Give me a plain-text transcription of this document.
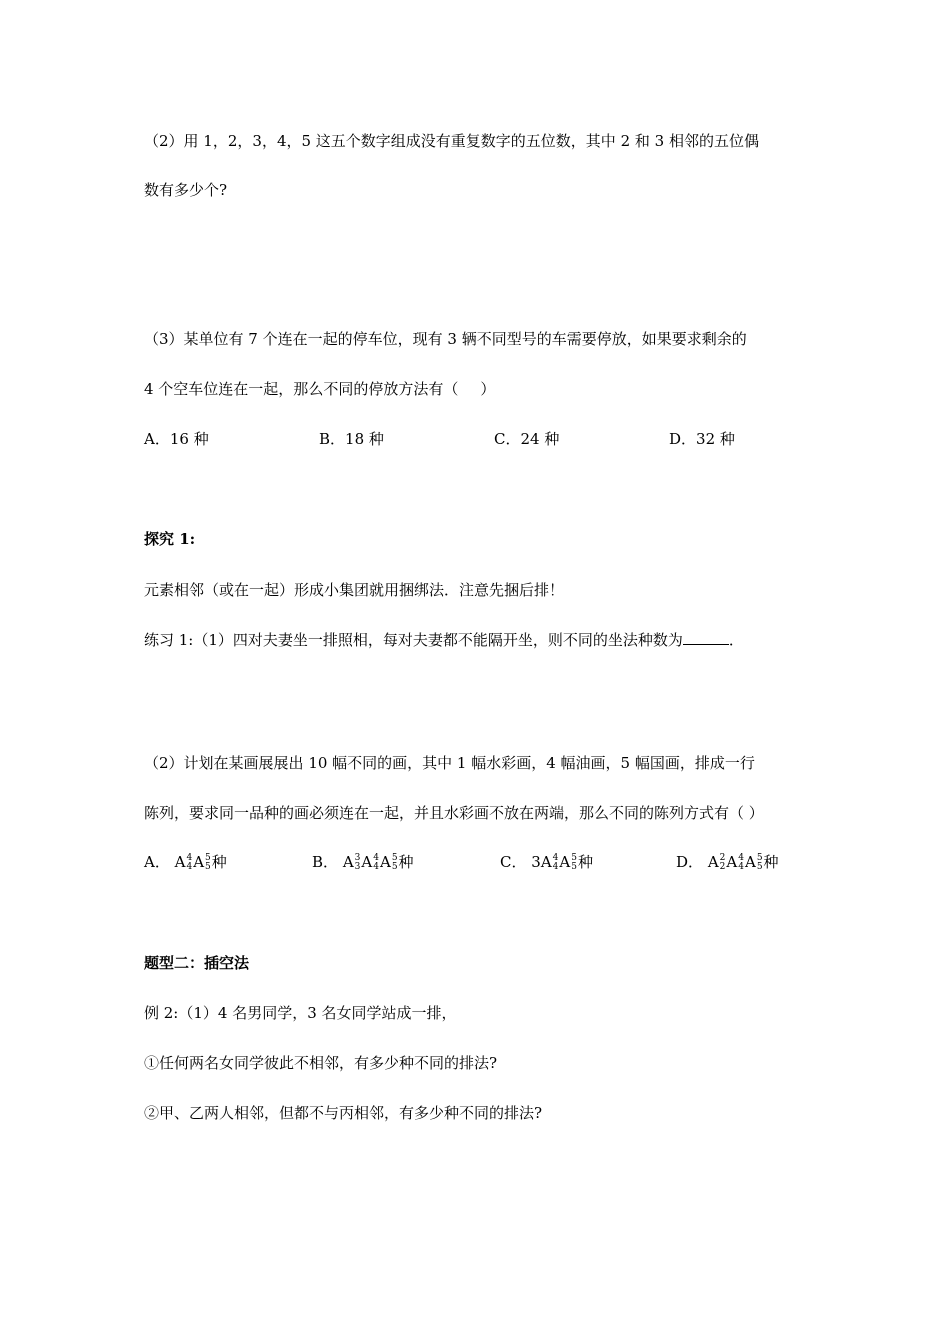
（2）用 1，2，3，4，5 这五个数字组成没有重复数字的五位数，其中 2 和 3 相邻的五位偶
数有多少个?
（3）某单位有 7 个连在一起的停车位，现有 3 辆不同型号的车需要停放，如果要求剩余的
4 个空车位连在一起，那么不同的停放方法有（ ）
A．16 种	B．18 种	C．24 种	D．32 种
探究 1:
元素相邻（或在一起）形成小集团就用捆绑法．注意先捆后排！
练习 1:（1）四对夫妻坐一排照相，每对夫妻都不能隔开坐，则不同的坐法种数为	．
（2）计划在某画展展出 10 幅不同的画，其中 1 幅水彩画，4 幅油画，5 幅国画，排成一行
陈列，要求同一品种的画必须连在一起，并且水彩画不放在两端，那么不同的陈列方式有（ ）
A． A 4
4 A 5
5 种	B． A 3
3 A 4
4 A 5
5 种	C． 3A 4
4 A 5
5 种	D． A 2
2 A 4
4 A 5
5 种
题型二：插空法
例 2:（1）4 名男同学，3 名女同学站成一排，
①任何两名女同学彼此不相邻，有多少种不同的排法?
②甲、乙两人相邻，但都不与丙相邻，有多少种不同的排法?
